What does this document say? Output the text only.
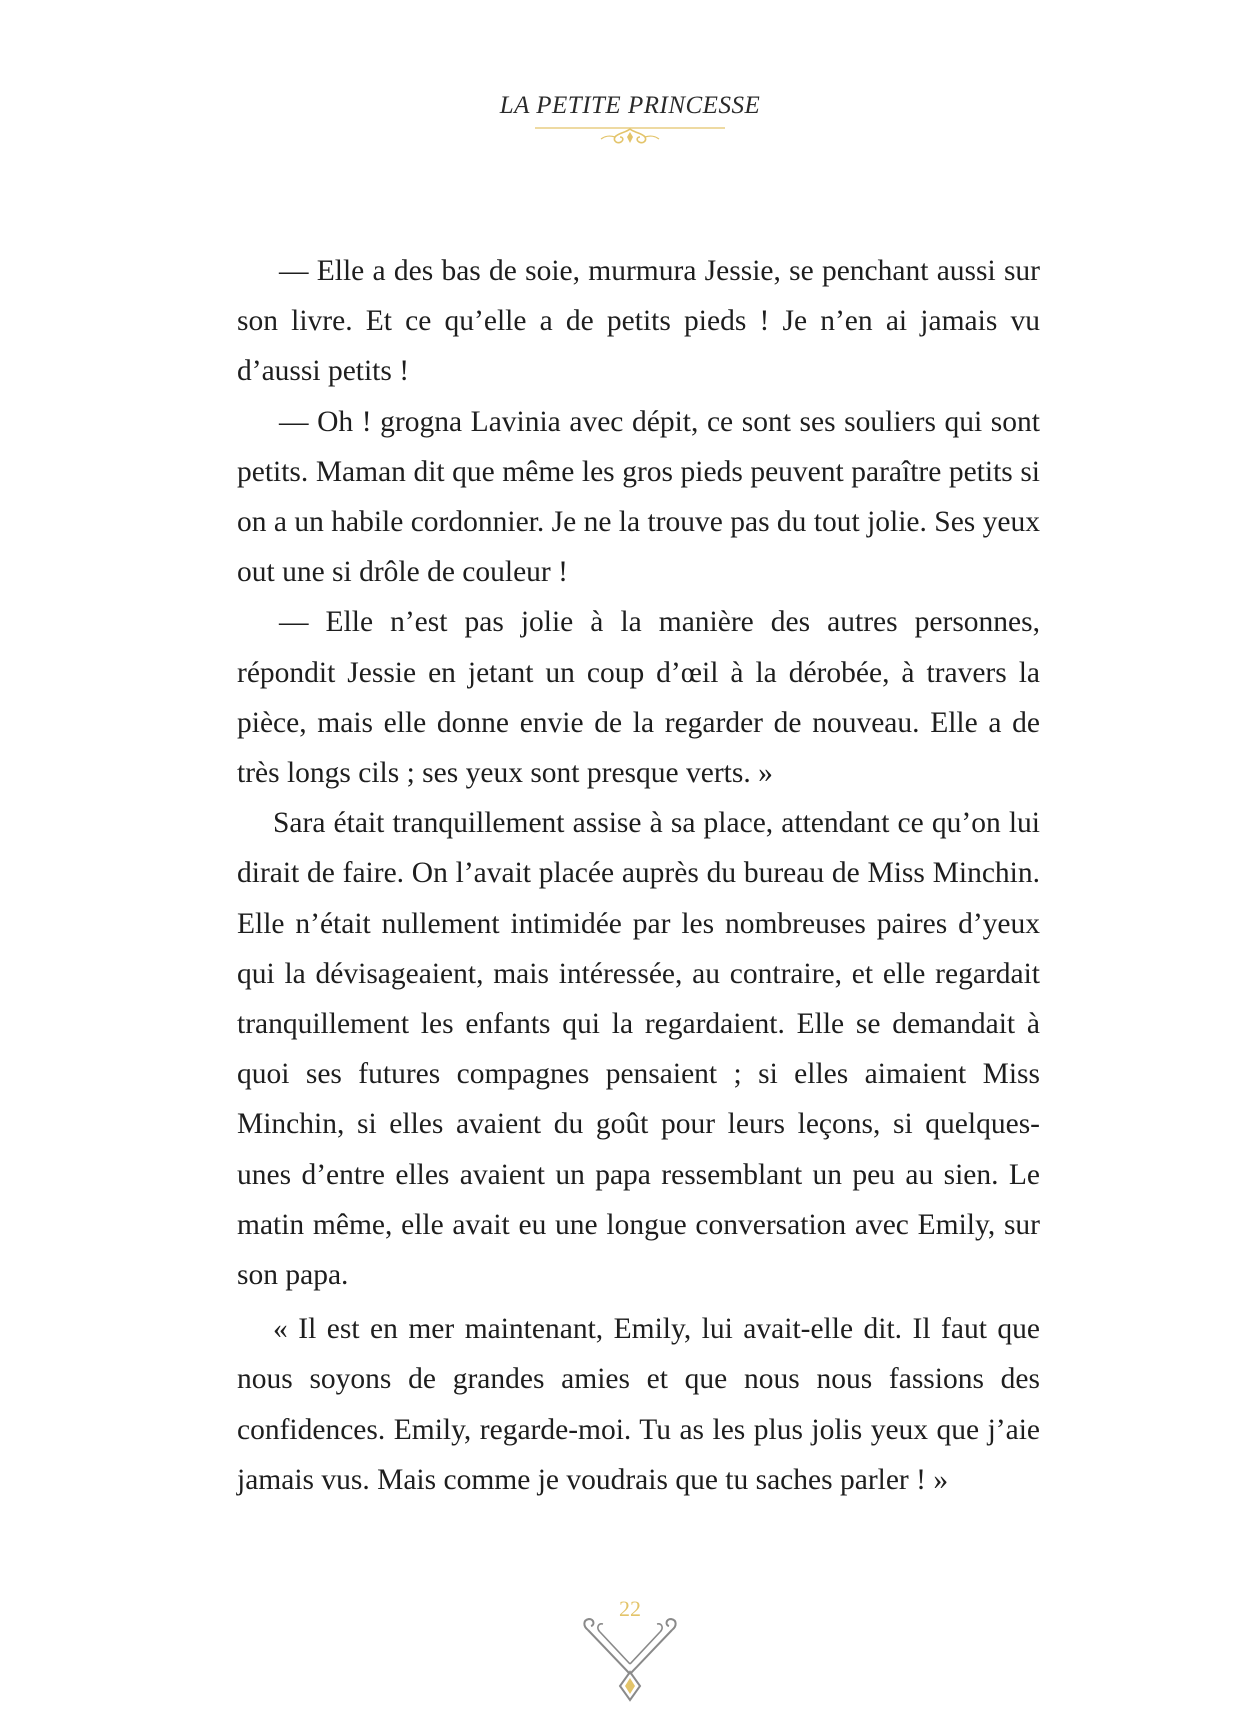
LA PETITE PRINCESSE

— Elle a des bas de soie, murmura Jessie, se penchant aussi sur son livre. Et ce qu’elle a de petits pieds ! Je n’en ai jamais vu d’aussi petits !

— Oh ! grogna Lavinia avec dépit, ce sont ses souliers qui sont petits. Maman dit que même les gros pieds peuvent paraître petits si on a un habile cordonnier. Je ne la trouve pas du tout jolie. Ses yeux out une si drôle de couleur !

— Elle n’est pas jolie à la manière des autres personnes, répondit Jessie en jetant un coup d’œil à la dérobée, à travers la pièce, mais elle donne envie de la regarder de nouveau. Elle a de très longs cils ; ses yeux sont presque verts. »

Sara était tranquillement assise à sa place, attendant ce qu’on lui dirait de faire. On l’avait placée auprès du bureau de Miss Minchin. Elle n’était nullement intimidée par les nombreuses paires d’yeux qui la dévisageaient, mais intéressée, au contraire, et elle regardait tranquillement les enfants qui la regardaient. Elle se demandait à quoi ses futures compagnes pensaient ; si elles aimaient Miss Minchin, si elles avaient du goût pour leurs leçons, si quelques-unes d’entre elles avaient un papa ressemblant un peu au sien. Le matin même, elle avait eu une longue conversation avec Emily, sur son papa.

« Il est en mer maintenant, Emily, lui avait-elle dit. Il faut que nous soyons de grandes amies et que nous nous fassions des confidences. Emily, regarde-moi. Tu as les plus jolis yeux que j’aie jamais vus. Mais comme je voudrais que tu saches parler ! »

22
